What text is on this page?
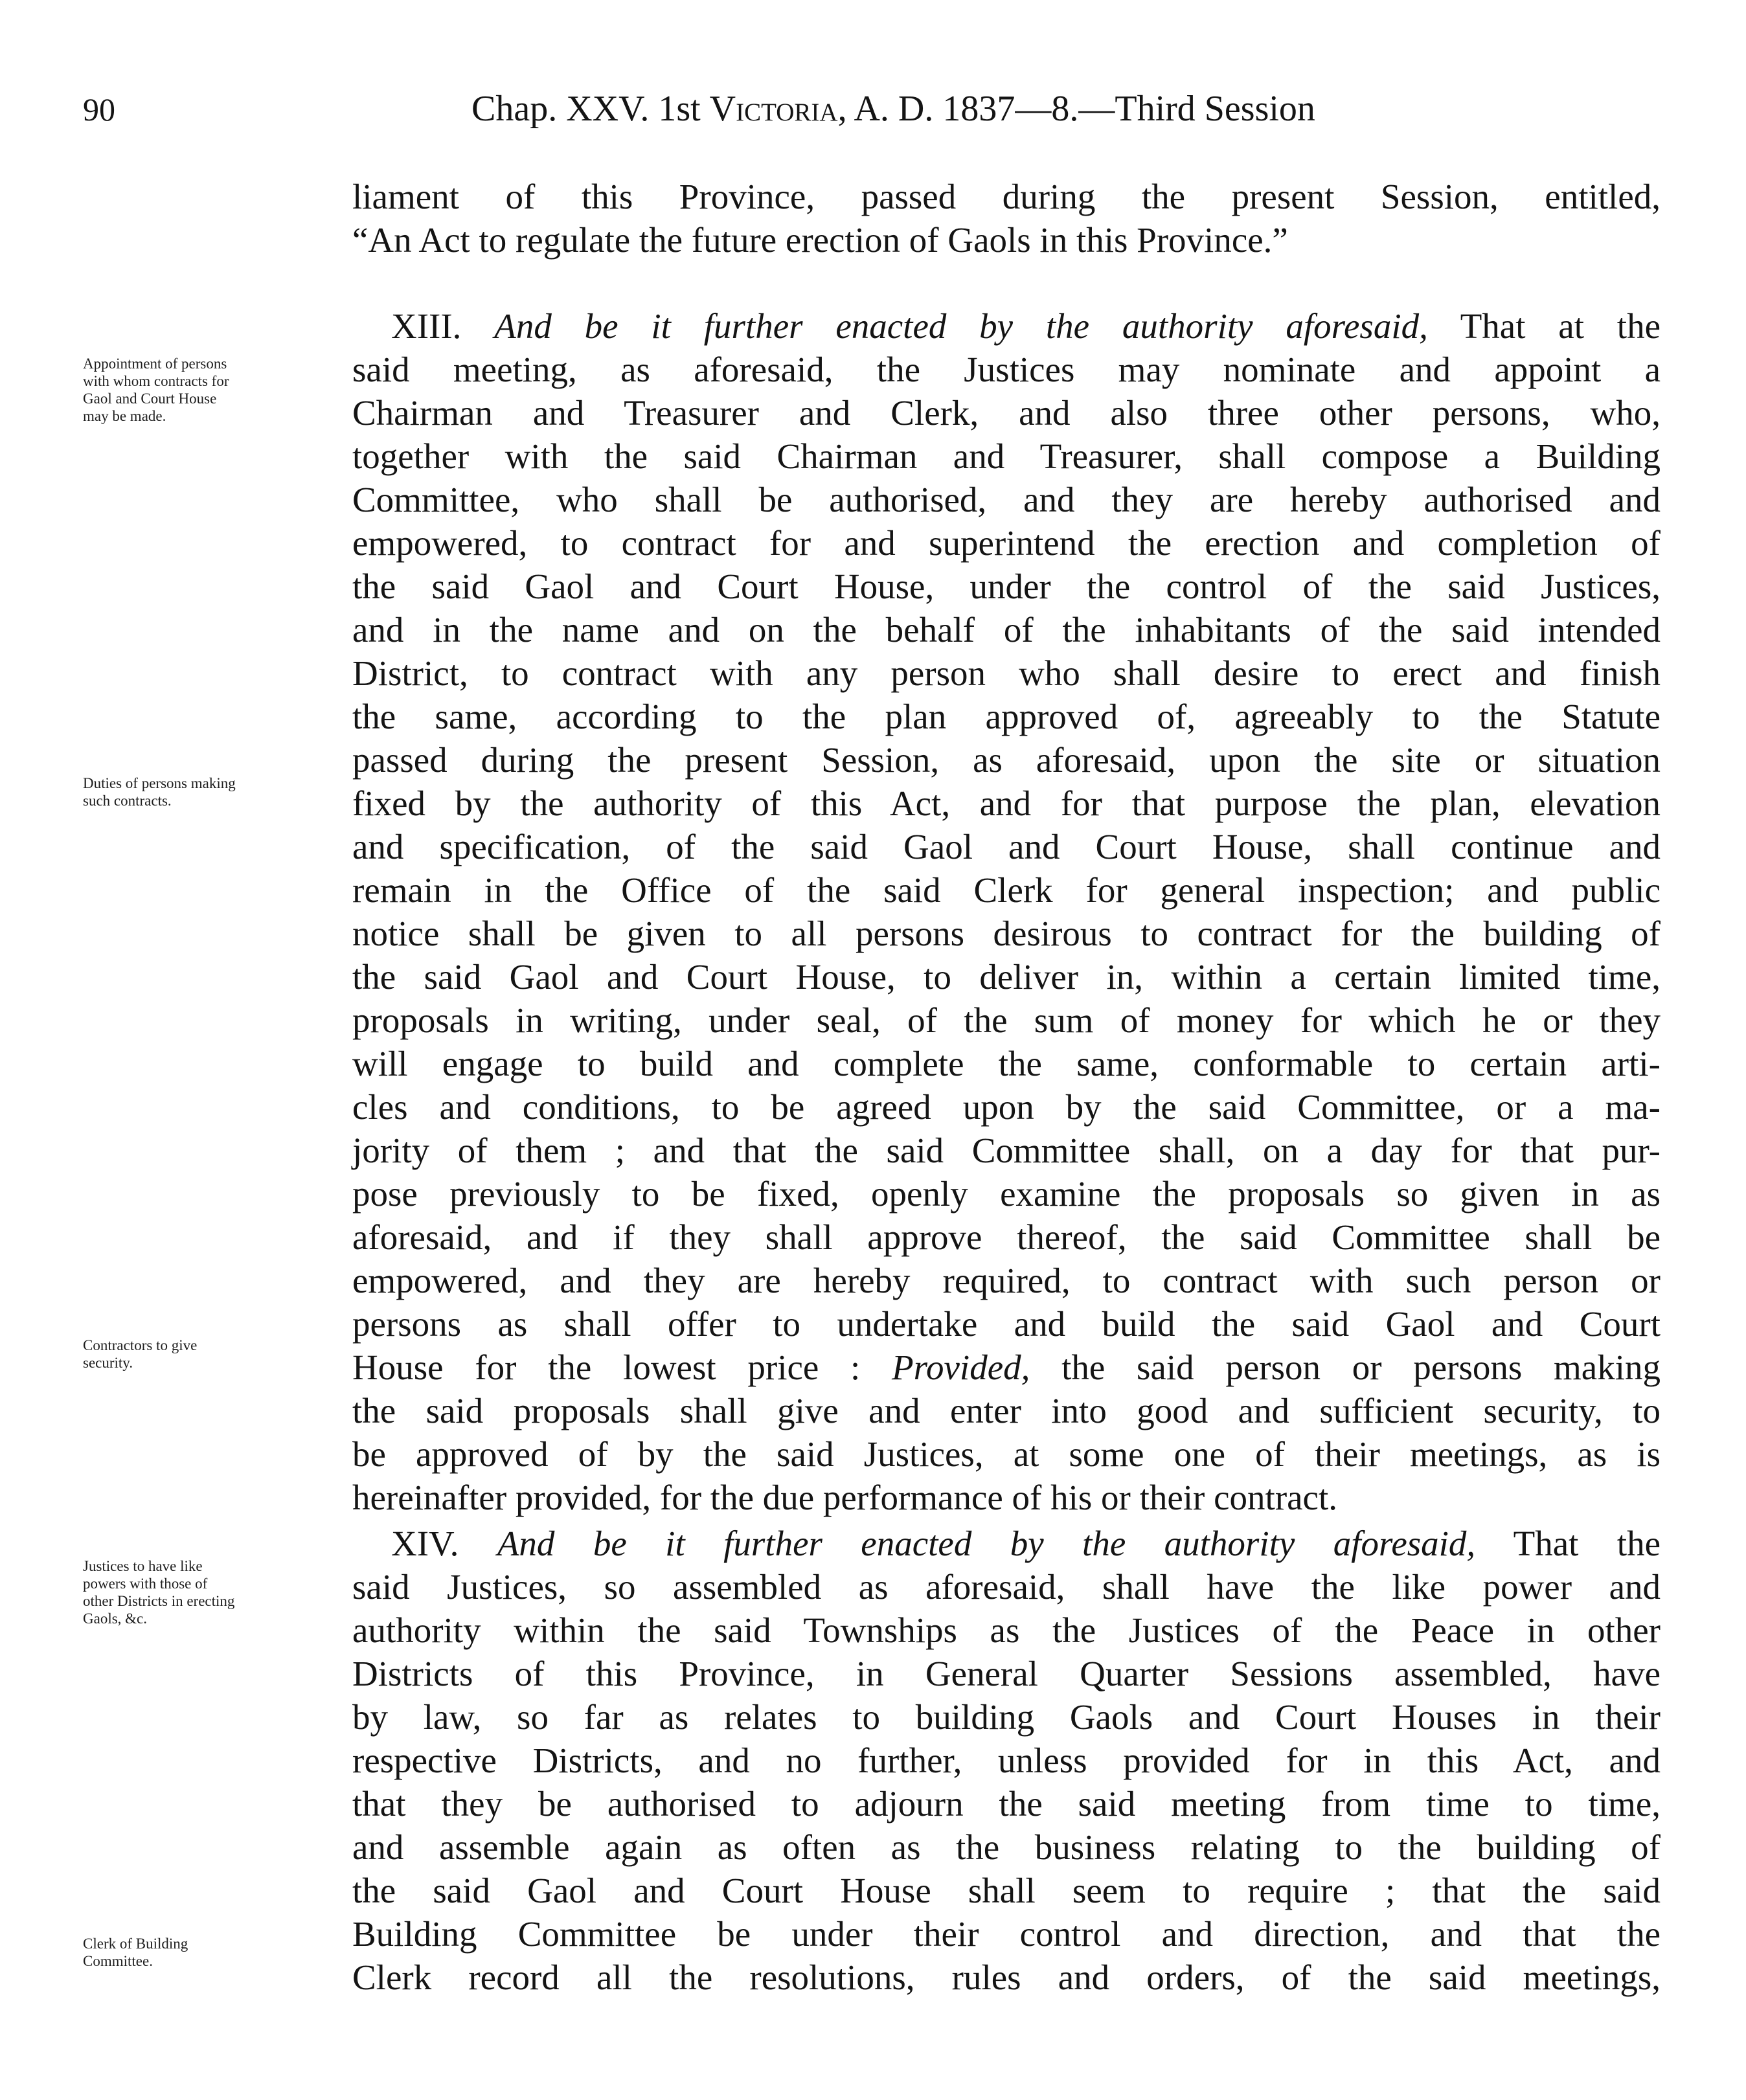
90	Chap. XXV. 1st Victoria, A. D. 1837—8.—Third Session
liament of this Province, passed during the present Session, entitled,
“An Act to regulate the future erection of Gaols in this Province.”
XIII. And be it further enacted by the authority aforesaid, That at the
said meeting, as aforesaid, the Justices may nominate and appoint a
Chairman and Treasurer and Clerk, and also three other persons, who,
together with the said Chairman and Treasurer, shall compose a Building
Committee, who shall be authorised, and they are hereby authorised and
empowered, to contract for and superintend the erection and completion of
the said Gaol and Court House, under the control of the said Justices,
and in the name and on the behalf of the inhabitants of the said intended
District, to contract with any person who shall desire to erect and finish
the same, according to the plan approved of, agreeably to the Statute
passed during the present Session, as aforesaid, upon the site or situation
fixed by the authority of this Act, and for that purpose the plan, elevation
and specification, of the said Gaol and Court House, shall continue and
remain in the Office of the said Clerk for general inspection; and public
notice shall be given to all persons desirous to contract for the building of
the said Gaol and Court House, to deliver in, within a certain limited time,
proposals in writing, under seal, of the sum of money for which he or they
will engage to build and complete the same, conformable to certain arti-
cles and conditions, to be agreed upon by the said Committee, or a ma-
jority of them ; and that the said Committee shall, on a day for that pur-
pose previously to be fixed, openly examine the proposals so given in as
aforesaid, and if they shall approve thereof, the said Committee shall be
empowered, and they are hereby required, to contract with such person or
persons as shall offer to undertake and build the said Gaol and Court
House for the lowest price : Provided, the said person or persons making
the said proposals shall give and enter into good and sufficient security, to
be approved of by the said Justices, at some one of their meetings, as is
hereinafter provided, for the due performance of his or their contract.
XIV. And be it further enacted by the authority aforesaid, That the
said Justices, so assembled as aforesaid, shall have the like power and
authority within the said Townships as the Justices of the Peace in other
Districts of this Province, in General Quarter Sessions assembled, have
by law, so far as relates to building Gaols and Court Houses in their
respective Districts, and no further, unless provided for in this Act, and
that they be authorised to adjourn the said meeting from time to time,
and assemble again as often as the business relating to the building of
the said Gaol and Court House shall seem to require ; that the said
Building Committee be under their control and direction, and that the
Clerk record all the resolutions, rules and orders, of the said meetings,
Appointment of persons
with whom contracts for
Gaol and Court House
may be made.
Duties of persons making
such contracts.
Contractors to give
security.
Justices to have like
powers with those of
other Districts in erecting
Gaols, &c.
Clerk of Building
Committee.
